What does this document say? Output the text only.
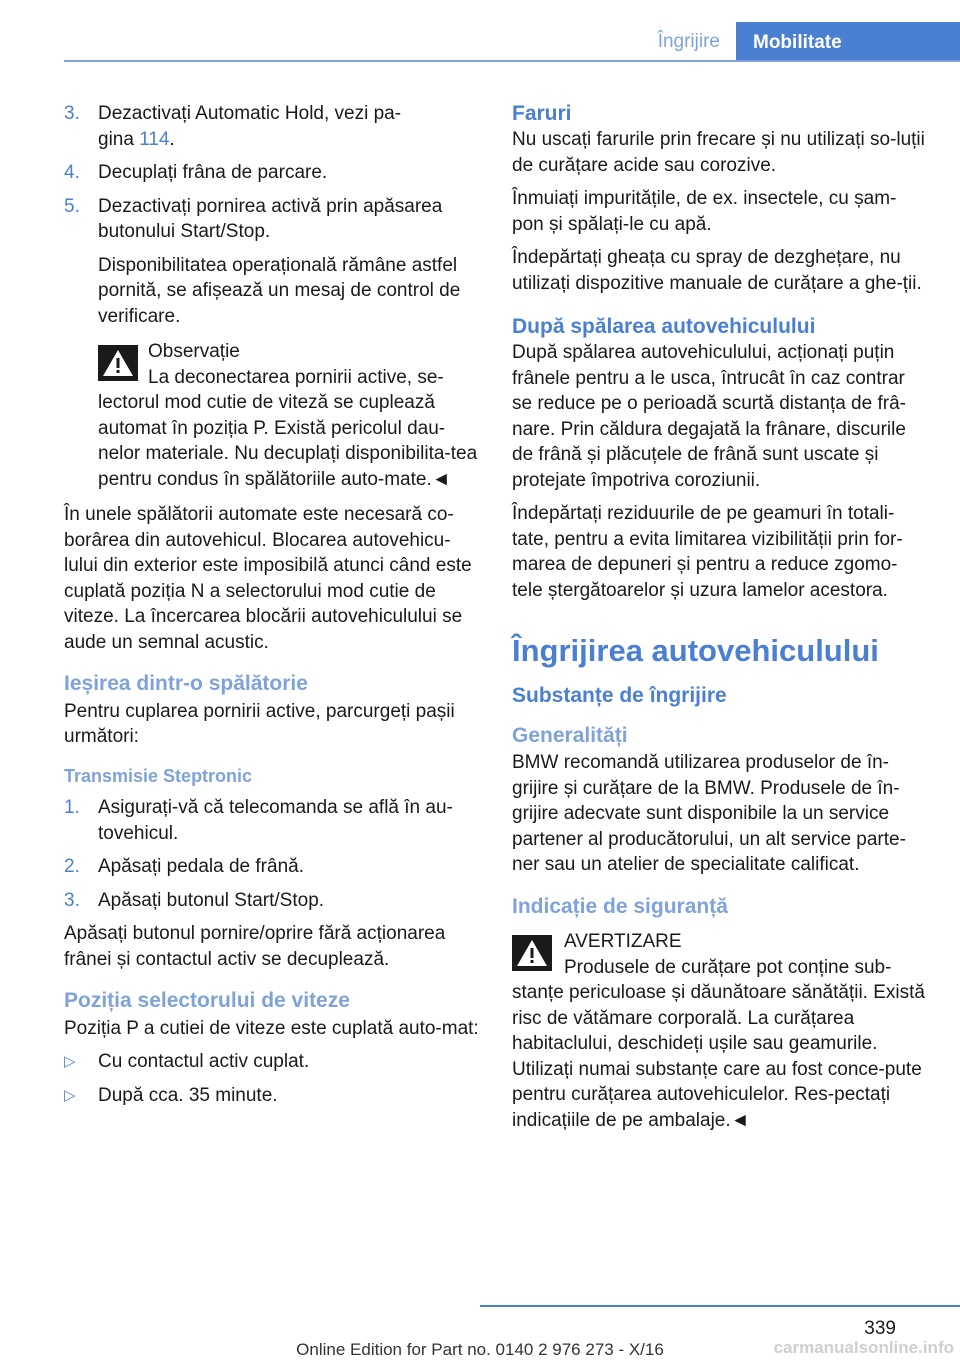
Îngrijire	Mobilitate
3. Dezactivați Automatic Hold, vezi pa‐
gina 114.
4. Decuplați frâna de parcare.
5. Dezactivați pornirea activă prin apăsarea butonului Start/Stop.

Disponibilitatea operațională rămâne astfel pornită, se afișează un mesaj de control de verificare.

Observație

La deconectarea pornirii active, se‐

lectorul mod cutie de viteză se cuplează automat în poziția P. Există pericolul dau‐nelor materiale. Nu decuplați disponibilita‐tea pentru condus în spălătoriile auto‐mate.◄

În unele spălătorii automate este necesară co‐borârea din autovehicul. Blocarea autovehicu‐lului din exterior este imposibilă atunci când este cuplată poziția N a selectorului mod cutie de viteze. La încercarea blocării autovehiculului se aude un semnal acustic.

Ieșirea dintr-o spălătorie

Pentru cuplarea pornirii active, parcurgeți pașii următori:

Transmisie Steptronic
1. Asigurați-vă că telecomanda se află în au‐tovehicul.
2. Apăsați pedala de frână.
3. Apăsați butonul Start/Stop.

Apăsați butonul pornire/oprire fără acționarea frânei și contactul activ se decuplează.

Poziția selectorului de viteze

Poziția P a cutiei de viteze este cuplată auto‐mat:

▷	Cu contactul activ cuplat.
▷	După cca. 35 minute.
Faruri

Nu uscați farurile prin frecare și nu utilizați so‐luții de curățare acide sau corozive.

Înmuiați impuritățile, de ex. insectele, cu șam‐pon și spălați-le cu apă.

Îndepărtați gheața cu spray de dezghețare, nu utilizați dispozitive manuale de curățare a ghe‐ții.

După spălarea autovehiculului

După spălarea autovehiculului, acționați puțin frânele pentru a le usca, întrucât în caz contrar se reduce pe o perioadă scurtă distanța de frâ‐nare. Prin căldura degajată la frânare, discurile de frână și plăcuțele de frână sunt uscate și protejate împotriva coroziunii.

Îndepărtați reziduurile de pe geamuri în totali‐tate, pentru a evita limitarea vizibilității prin for‐marea de depuneri și pentru a reduce zgomo‐tele ștergătoarelor și uzura lamelor acestora.

Îngrijirea autovehiculului
Substanțe de îngrijire
Generalități

BMW recomandă utilizarea produselor de în‐grijire și curățare de la BMW. Produsele de în‐grijire adecvate sunt disponibile la un service partener al producătorului, un alt service parte‐ner sau un atelier de specialitate calificat.

Indicație de siguranță

AVERTIZARE

Produsele de curățare pot conține sub‐

stanțe periculoase și dăunătoare sănătății. Există risc de vătămare corporală. La curățarea habitaclului, deschideți ușile sau geamurile. Utilizați numai substanțe care au fost conce‐pute pentru curățarea autovehiculelor. Res‐pectați indicațiile de pe ambalaje.◄

339
Online Edition for Part no. 0140 2 976 273 - X/16	carmanualsonline.info
